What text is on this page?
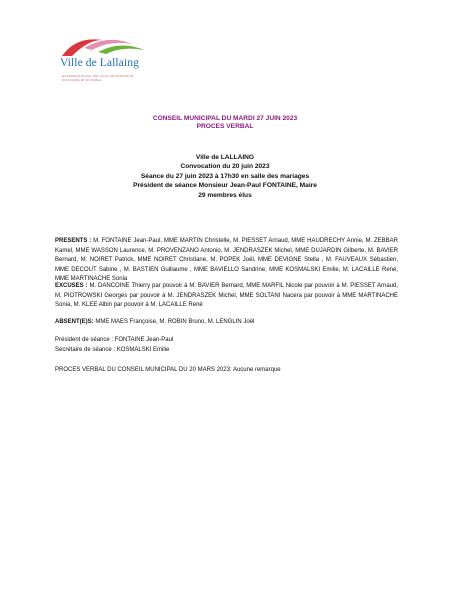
Ville de Lallaing
ENSEMBLE POUR UNE VILLE DE PROXIMITÉ, SOLIDAIRE ET DURABLE
CONSEIL MUNICIPAL DU MARDI 27 JUIN 2023
PROCES VERBAL
Ville de LALLAING
Convocation du 20 juin 2023
Séance du 27 juin 2023 à 17h30 en salle des mariages
Président de séance Monsieur Jean-Paul FONTAINE, Maire
29 membres élus
PRESENTS : M. FONTAINE Jean-Paul, MME MARTIN Christelle, M. PIESSET Arnaud, MME HAUDRECHY Annie, M. ZEBBAR Kamel, MME WASSON Laurence, M. PROVENZANO Antonio, M. JENDRASZEK Michel, MME DUJARDIN Gilberte, M. BAVIER Bernard, M. NOIRET Patrick, MME NOIRET Christiane, M. POPEK Joël, MME DEVIGNE Stella , M. FAUVEAUX Sébastien, MME DECOUT Sabine , M. BASTIEN Guillaume , MME BAVIELLO Sandrine, MME KOSMALSKI Emilie, M. LACAILLE René, MME MARTINACHE Sonia
EXCUSES : M. DANCOINE Thierry par pouvoir à M. BAVIER Bernard, MME MARFIL Nicole par pouvoir à M. PIESSET Arnaud, M. PIOTROWSKI Georges par pouvoir à M. JENDRASZEK Michel, MME SOLTANI Nacera par pouvoir à MME MARTINACHE Sonia, M. KLEE Albin par pouvoir à M. LACAILLE René
ABSENT(E)S: MME MAES Françoise, M. ROBIN Bruno, M. LENGLIN Joël
Président de séance : FONTAINE Jean-Paul
Secrétaire de séance : KOSMALSKI Emilie
PROCES VERBAL DU CONSEIL MUNICIPAL DU 20 MARS 2023: Aucune remarque
